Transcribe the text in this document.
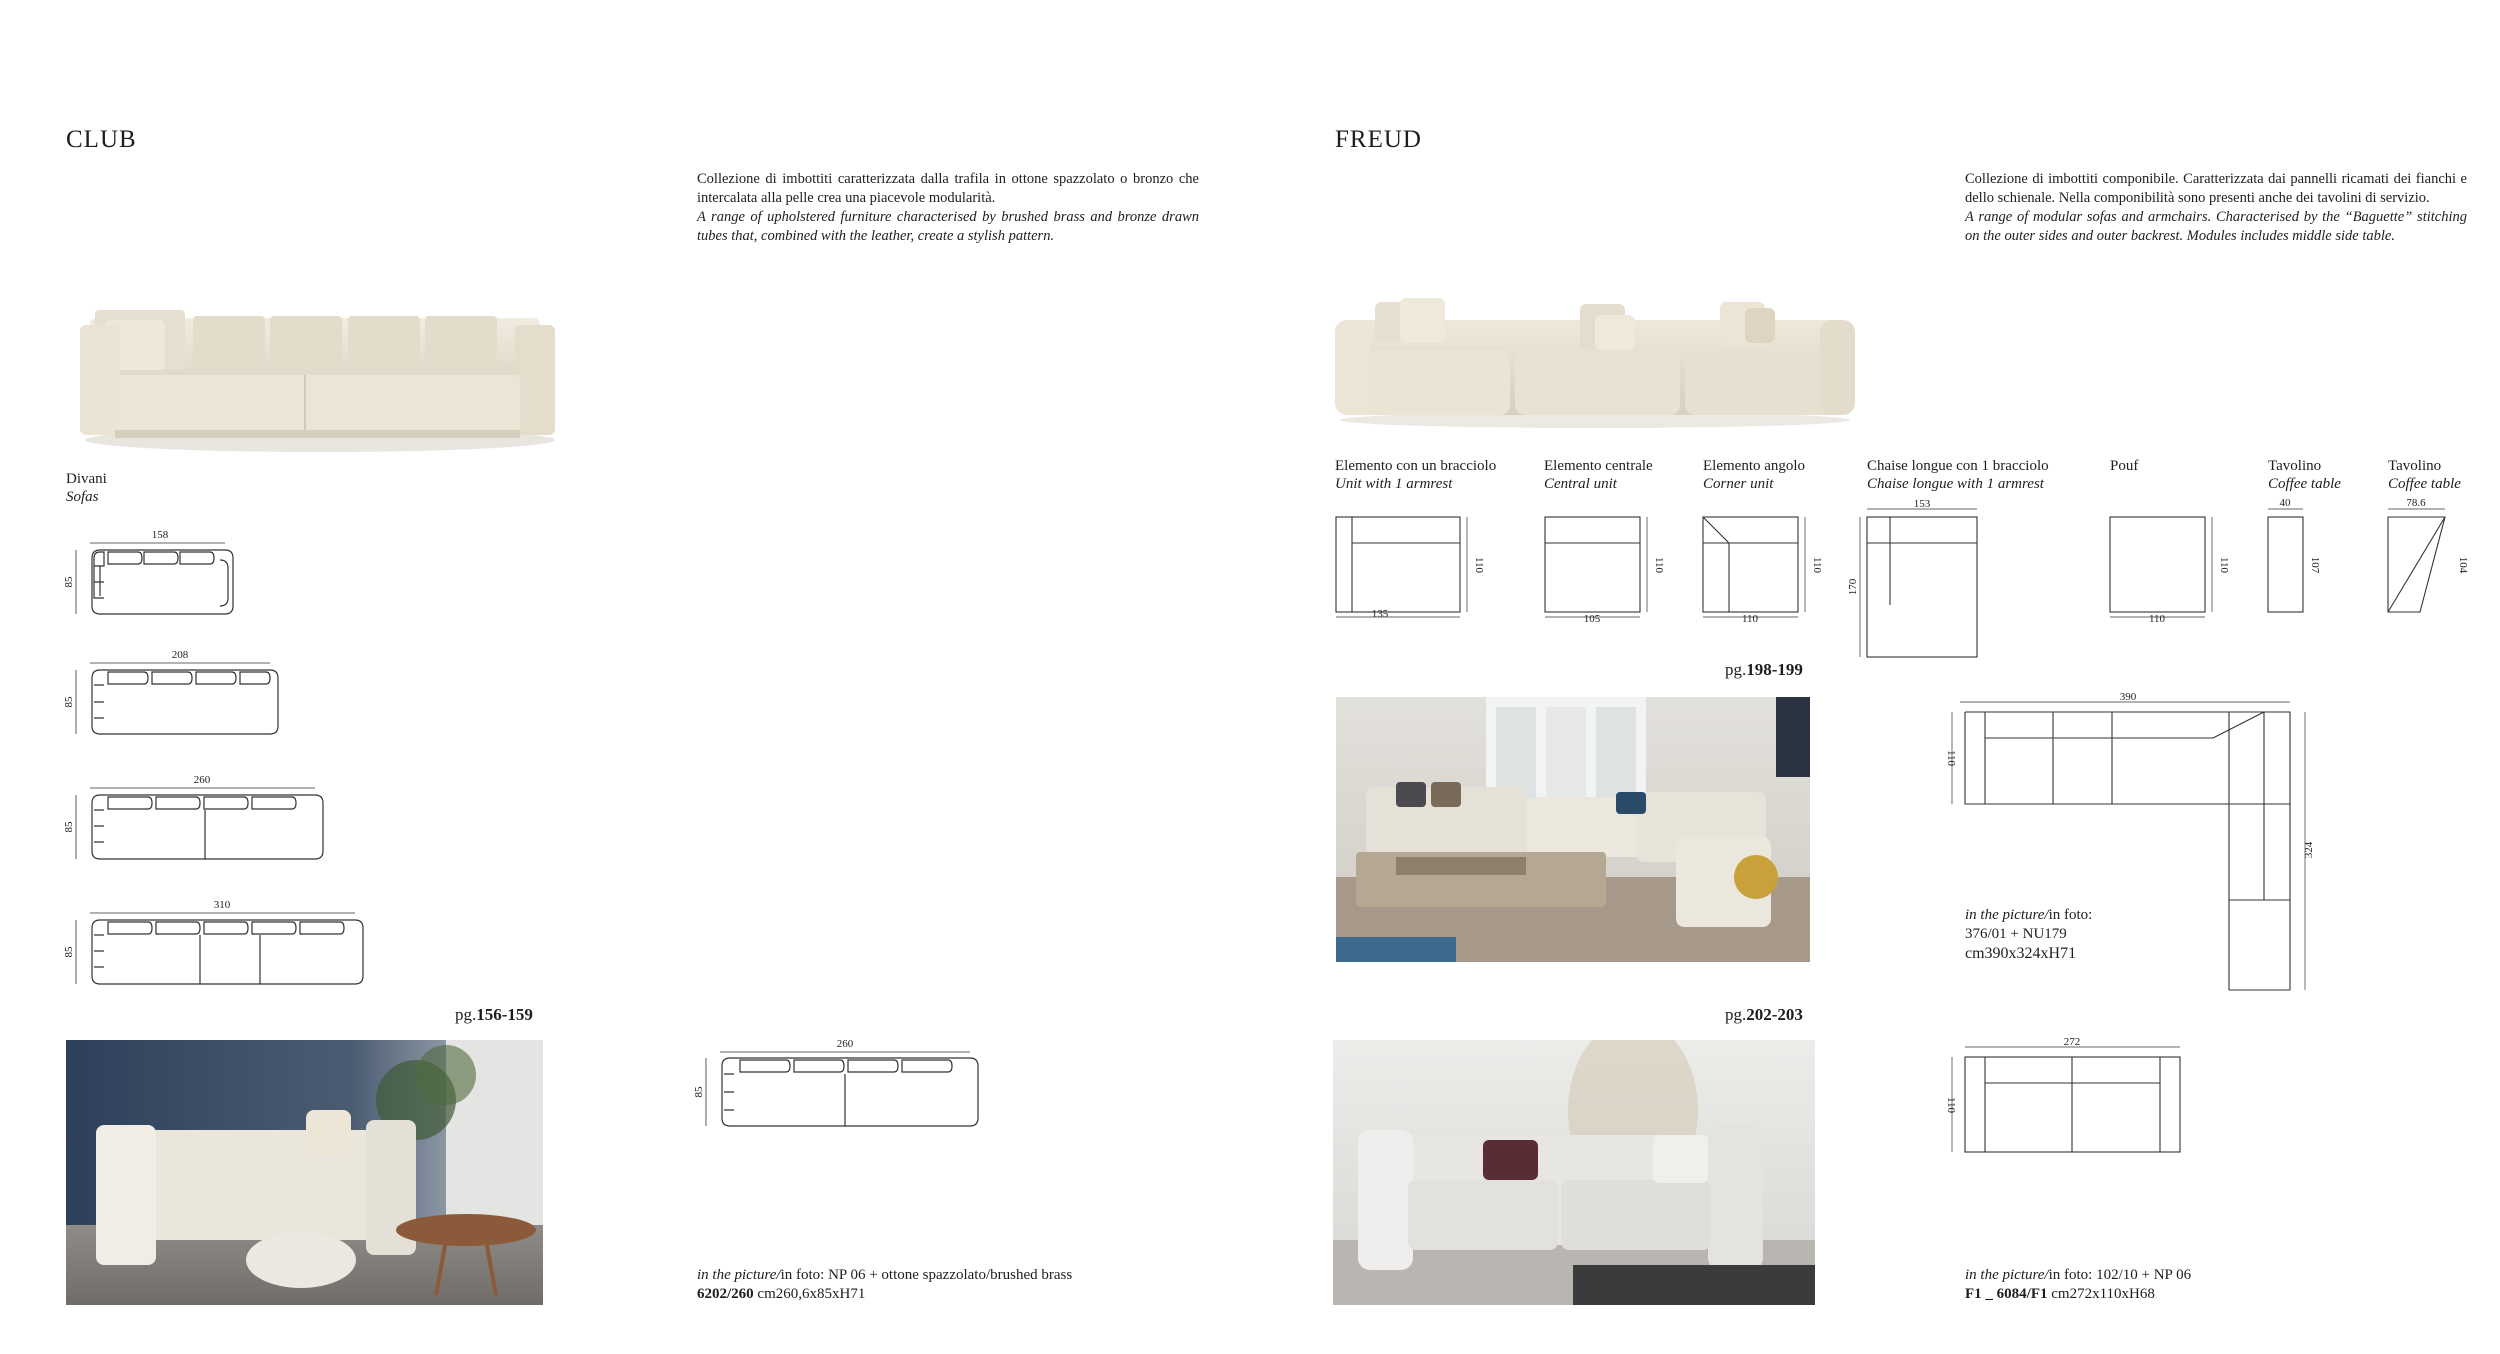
CLUB
Collezione di imbottiti caratterizzata dalla trafila in ottone spazzolato o bronzo che intercalata alla pelle crea una piacevole modularità.
A range of upholstered furniture characterised by brushed brass and bronze drawn tubes that, combined with the leather, create a stylish pattern.
Divani
Sofas
158
85
208
85
260
85
310
85
pg.156-159
260
85
in the picture/in foto: NP 06 + ottone spazzolato/brushed brass
6202/260 cm260,6x85xH71
FREUD
Collezione di imbottiti componibile. Caratterizzata dai pannelli ricamati dei fianchi e dello schienale. Nella componibilità sono presenti anche dei tavolini di servizio.
A range of modular sofas and armchairs. Characterised by the “Baguette” stitching on the outer sides and outer backrest. Modules includes middle side table.
Elemento con un bracciolo
Unit with 1 armrest
Elemento centrale
Central unit
Elemento angolo
Corner unit
Chaise longue con 1 bracciolo
Chaise longue with 1 armrest
Pouf	Tavolino
Coffee table
Tavolino
Coffee table
135
110
105
110
110
110
153
170
110
110
40
107
78.6
104
pg.198-199
390
110
324
in the picture/in foto:
376/01 + NU179
cm390x324xH71
pg.202-203
272
110
in the picture/in foto: 102/10 + NP 06
F1 _ 6084/F1 cm272x110xH68
